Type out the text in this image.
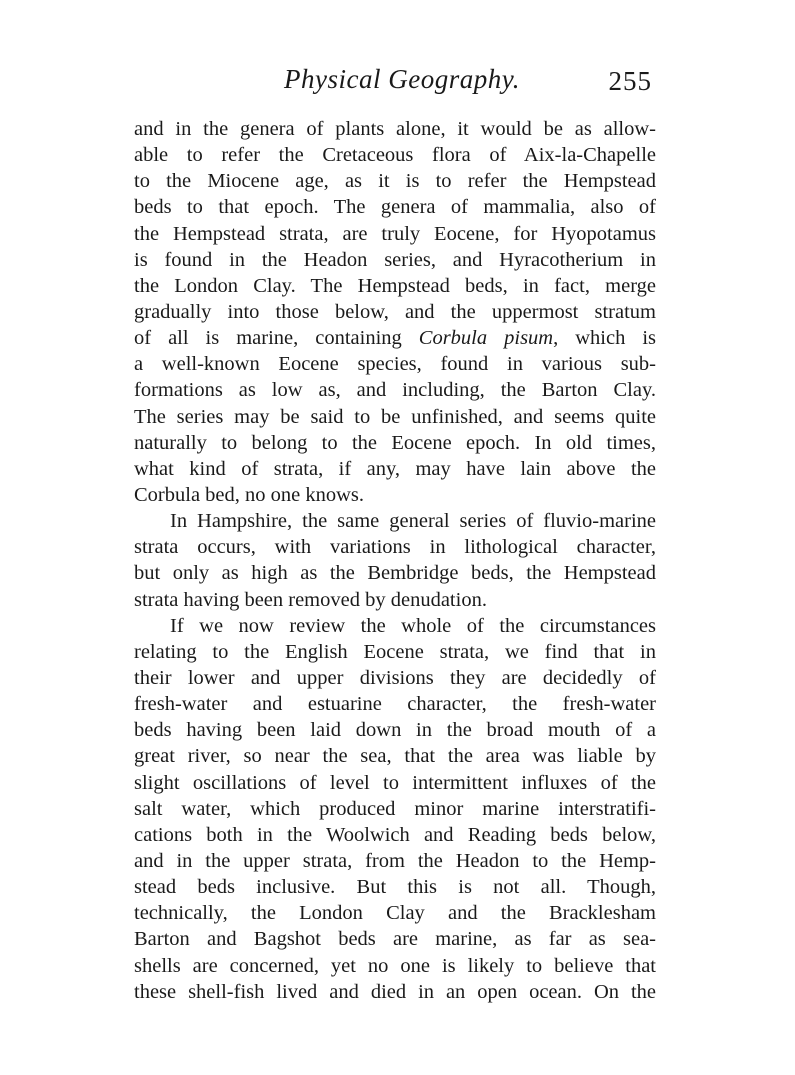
Physical Geography.	255
and in the genera of plants alone, it would be as allow-
able to refer the Cretaceous flora of Aix-la-Chapelle
to the Miocene age, as it is to refer the Hempstead
beds to that epoch. The genera of mammalia, also of
the Hempstead strata, are truly Eocene, for Hyopotamus
is found in the Headon series, and Hyracotherium in
the London Clay. The Hempstead beds, in fact, merge
gradually into those below, and the uppermost stratum
of all is marine, containing Corbula pisum, which is
a well-known Eocene species, found in various sub-
formations as low as, and including, the Barton Clay.
The series may be said to be unfinished, and seems quite
naturally to belong to the Eocene epoch. In old times,
what kind of strata, if any, may have lain above the
Corbula bed, no one knows.
In Hampshire, the same general series of fluvio-marine
strata occurs, with variations in lithological character,
but only as high as the Bembridge beds, the Hempstead
strata having been removed by denudation.
If we now review the whole of the circumstances
relating to the English Eocene strata, we find that in
their lower and upper divisions they are decidedly of
fresh-water and estuarine character, the fresh-water
beds having been laid down in the broad mouth of a
great river, so near the sea, that the area was liable by
slight oscillations of level to intermittent influxes of the
salt water, which produced minor marine interstratifi-
cations both in the Woolwich and Reading beds below,
and in the upper strata, from the Headon to the Hemp-
stead beds inclusive. But this is not all. Though,
technically, the London Clay and the Bracklesham
Barton and Bagshot beds are marine, as far as sea-
shells are concerned, yet no one is likely to believe that
these shell-fish lived and died in an open ocean. On the
